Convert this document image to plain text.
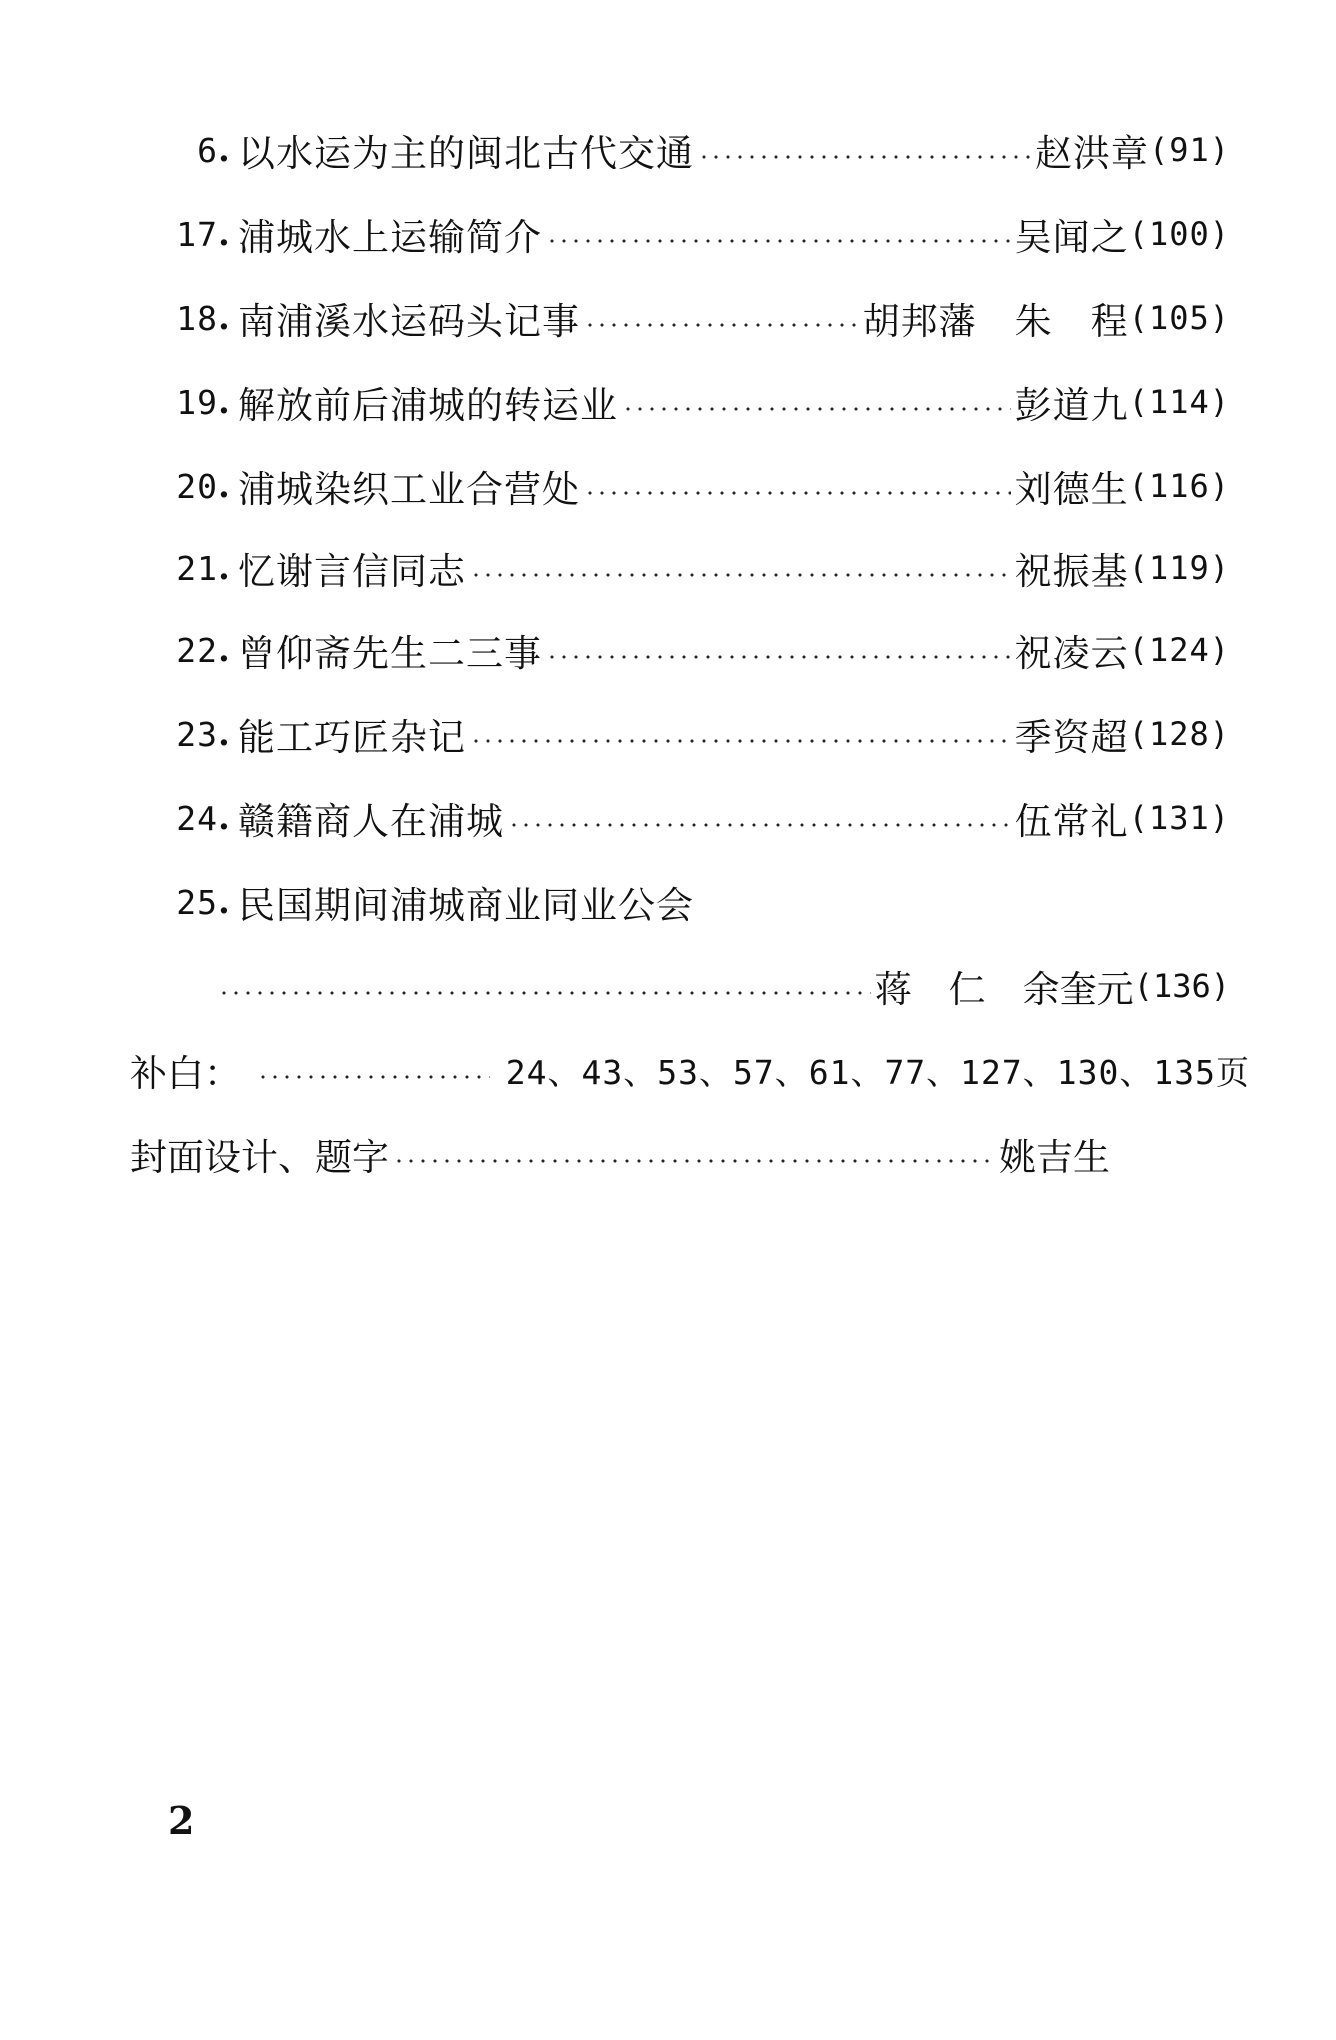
6 . 以水运为主的闽北古代交通	赵洪章 (91)
17 . 浦城水上运输简介	吴闻之 (100)
18 . 南浦溪水运码头记事	胡邦藩　朱　程 (105)
19 . 解放前后浦城的转运业	彭道九 (114)
20 . 浦城染织工业合营处	刘德生 (116)
21 . 忆谢言信同志	祝振基 (119)
22 . 曾仰斋先生二三事	祝凌云 (124)
23 . 能工巧匠杂记	季资超 (128)
24 . 赣籍商人在浦城	伍常礼 (131)
25 . 民国期间浦城商业同业公会
蒋　仁　余奎元 (136)
补白：	24、43、53、57、61、77、127、130、135页
封面设计、题字	姚吉生
2
